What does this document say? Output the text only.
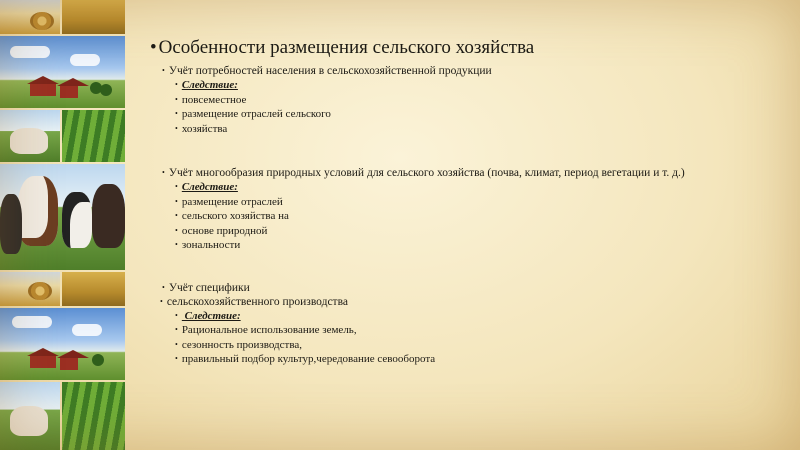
• Особенности размещения сельского хозяйства
• Учёт потребностей населения в сельскохозяйственной продукции
• Следствие:
• повсеместное
• размещение отраслей сельского
• хозяйства
• Учёт многообразия природных условий для сельского хозяйства (почва, климат, период вегетации и т. д.)
• Следствие:
• размещение отраслей
• сельского хозяйства на
• основе природной
• зональности
• Учёт специфики
• сельскохозяйственного производства
• Следствие:
• Рациональное использование земель,
• сезонность производства,
• правильный подбор культур,чередование севооборота
